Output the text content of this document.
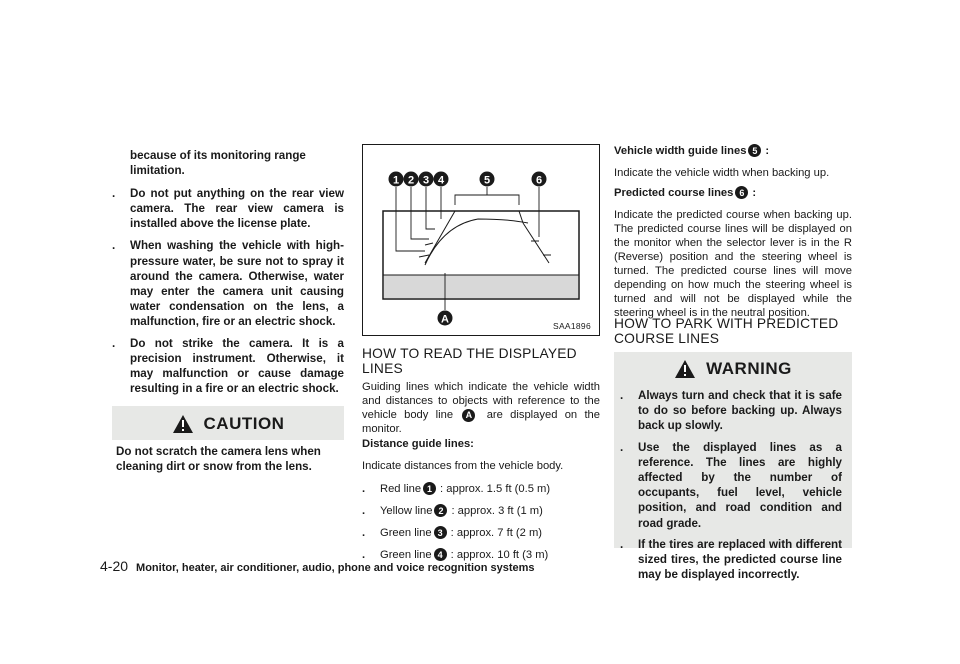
because of its monitoring range limitation.
. Do not put anything on the rear view camera. The rear view camera is installed above the license plate.
. When washing the vehicle with high-pressure water, be sure not to spray it around the camera. Otherwise, water may enter the camera unit causing water condensation on the lens, a malfunction, fire or an electric shock.
. Do not strike the camera. It is a precision instrument. Otherwise, it may malfunction or cause damage resulting in a fire or an electric shock.
CAUTION
Do not scratch the camera lens when cleaning dirt or snow from the lens.
1 2 3 4	5	6
A
SAA1896
HOW TO READ THE DISPLAYED LINES
Guiding lines which indicate the vehicle width and distances to objects with reference to the vehicle body line A are displayed on the monitor.
Distance guide lines:
Indicate distances from the vehicle body.
.	Red line 1 : approx. 1.5 ft (0.5 m)
.	Yellow line 2 : approx. 3 ft (1 m)
.	Green line 3 : approx. 7 ft (2 m)
.	Green line 4 : approx. 10 ft (3 m)
Vehicle width guide lines 5 :
Indicate the vehicle width when backing up.
Predicted course lines 6 :
Indicate the predicted course when backing up. The predicted course lines will be displayed on the monitor when the selector lever is in the R (Reverse) position and the steering wheel is turned. The predicted course lines will move depending on how much the steering wheel is turned and will not be displayed while the steering wheel is in the neutral position.
HOW TO PARK WITH PREDICTED COURSE LINES
WARNING
. Always turn and check that it is safe to do so before backing up. Always back up slowly.
. Use the displayed lines as a reference. The lines are highly affected by the number of occupants, fuel level, vehicle position, and road condition and road grade.
. If the tires are replaced with different sized tires, the predicted course line may be displayed incorrectly.
4-20 Monitor, heater, air conditioner, audio, phone and voice recognition systems
